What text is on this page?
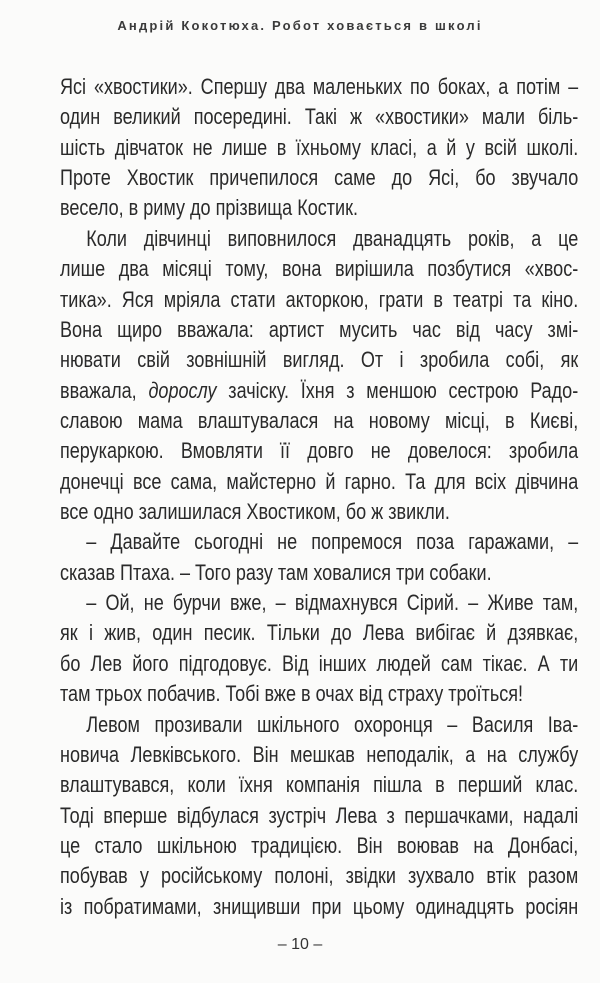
Андрій Кокотюха. Робот ховається в школі
Ясі «хвостики». Спершу два маленьких по боках, а потім –
один великий посередині. Такі ж «хвостики» мали біль-
шість дівчаток не лише в їхньому класі, а й у всій школі.
Проте Хвостик причепилося саме до Ясі, бо звучало
весело, в риму до прізвища Костик.
Коли дівчинці виповнилося дванадцять років, а це
лише два місяці тому, вона вирішила позбутися «хвос-
тика». Яся мріяла стати акторкою, грати в театрі та кіно.
Вона щиро вважала: артист мусить час від часу змі-
нювати свій зовнішній вигляд. От і зробила собі, як
вважала, дорослу зачіску. Їхня з меншою сестрою Радо-
славою мама влаштувалася на новому місці, в Києві,
перукаркою. Вмовляти її довго не довелося: зробила
донечці все сама, майстерно й гарно. Та для всіх дівчина
все одно залишилася Хвостиком, бо ж звикли.
– Давайте сьогодні не попремося поза гаражами, –
сказав Птаха. – Того разу там ховалися три собаки.
– Ой, не бурчи вже, – відмахнувся Сірий. – Живе там,
як і жив, один песик. Тільки до Лева вибігає й дзявкає,
бо Лев його підгодовує. Від інших людей сам тікає. А ти
там трьох побачив. Тобі вже в очах від страху троїться!
Левом прозивали шкільного охоронця – Василя Іва-
новича Левківського. Він мешкав неподалік, а на службу
влаштувався, коли їхня компанія пішла в перший клас.
Тоді вперше відбулася зустріч Лева з першачками, надалі
це стало шкільною традицією. Він воював на Донбасі,
побував у російському полоні, звідки зухвало втік разом
із побратимами, знищивши при цьому одинадцять росіян
– 10 –
